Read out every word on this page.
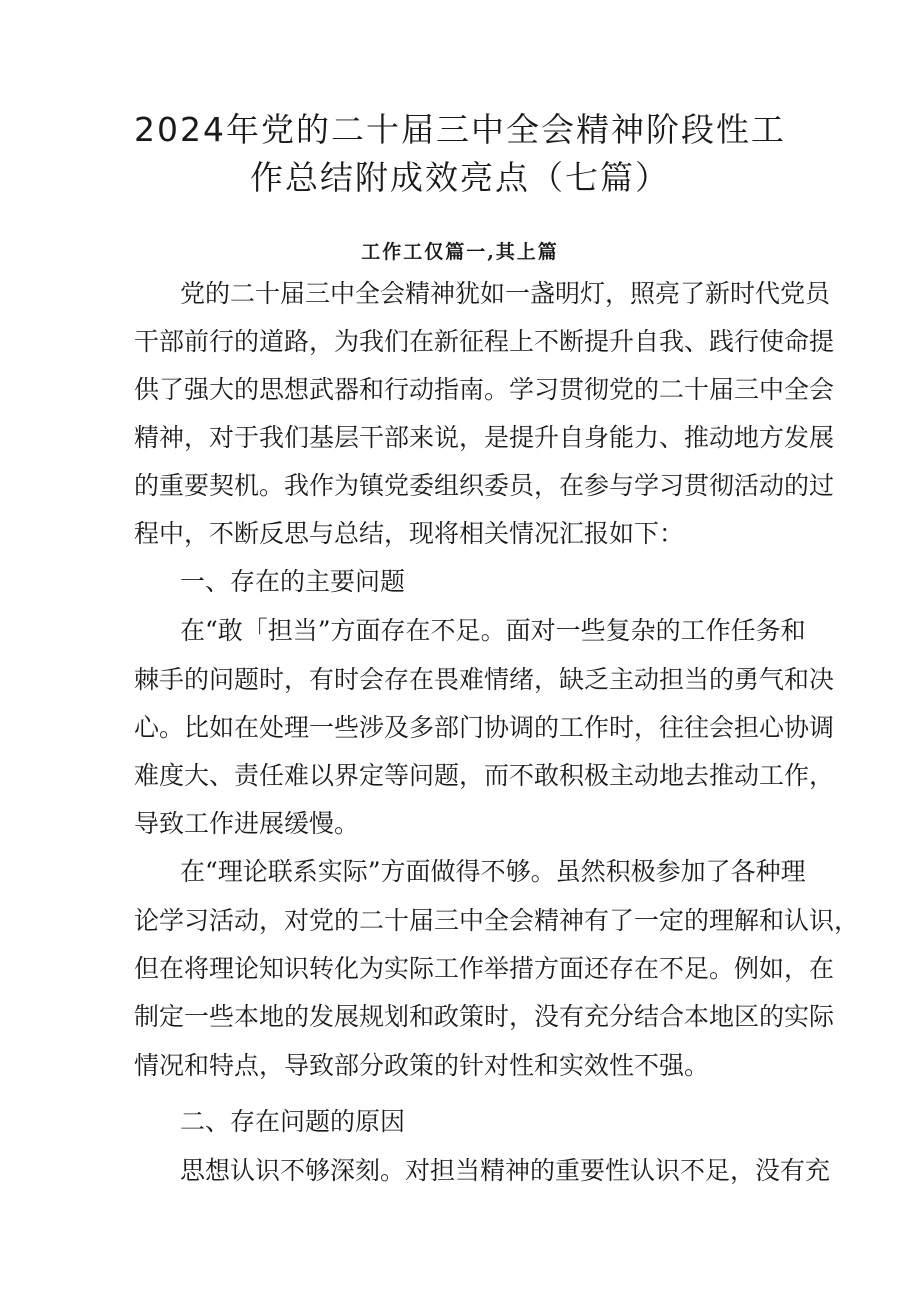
2024年党的二十届三中全会精神阶段性工
作总结附成效亮点（七篇）
工作工仅篇一,其上篇
党的二十届三中全会精神犹如一盏明灯，照亮了新时代党员
干部前行的道路，为我们在新征程上不断提升自我、践行使命提
供了强大的思想武器和行动指南。学习贯彻党的二十届三中全会
精神，对于我们基层干部来说，是提升自身能力、推动地方发展
的重要契机。我作为镇党委组织委员，在参与学习贯彻活动的过
程中，不断反思与总结，现将相关情况汇报如下：
一、存在的主要问题
在“敢「担当”方面存在不足。面对一些复杂的工作任务和
棘手的问题时，有时会存在畏难情绪，缺乏主动担当的勇气和决
心。比如在处理一些涉及多部门协调的工作时，往往会担心协调
难度大、责任难以界定等问题，而不敢积极主动地去推动工作，
导致工作进展缓慢。
在“理论联系实际”方面做得不够。虽然积极参加了各种理
论学习活动，对党的二十届三中全会精神有了一定的理解和认识，
但在将理论知识转化为实际工作举措方面还存在不足。例如，在
制定一些本地的发展规划和政策时，没有充分结合本地区的实际
情况和特点，导致部分政策的针对性和实效性不强。
二、存在问题的原因
思想认识不够深刻。对担当精神的重要性认识不足，没有充
